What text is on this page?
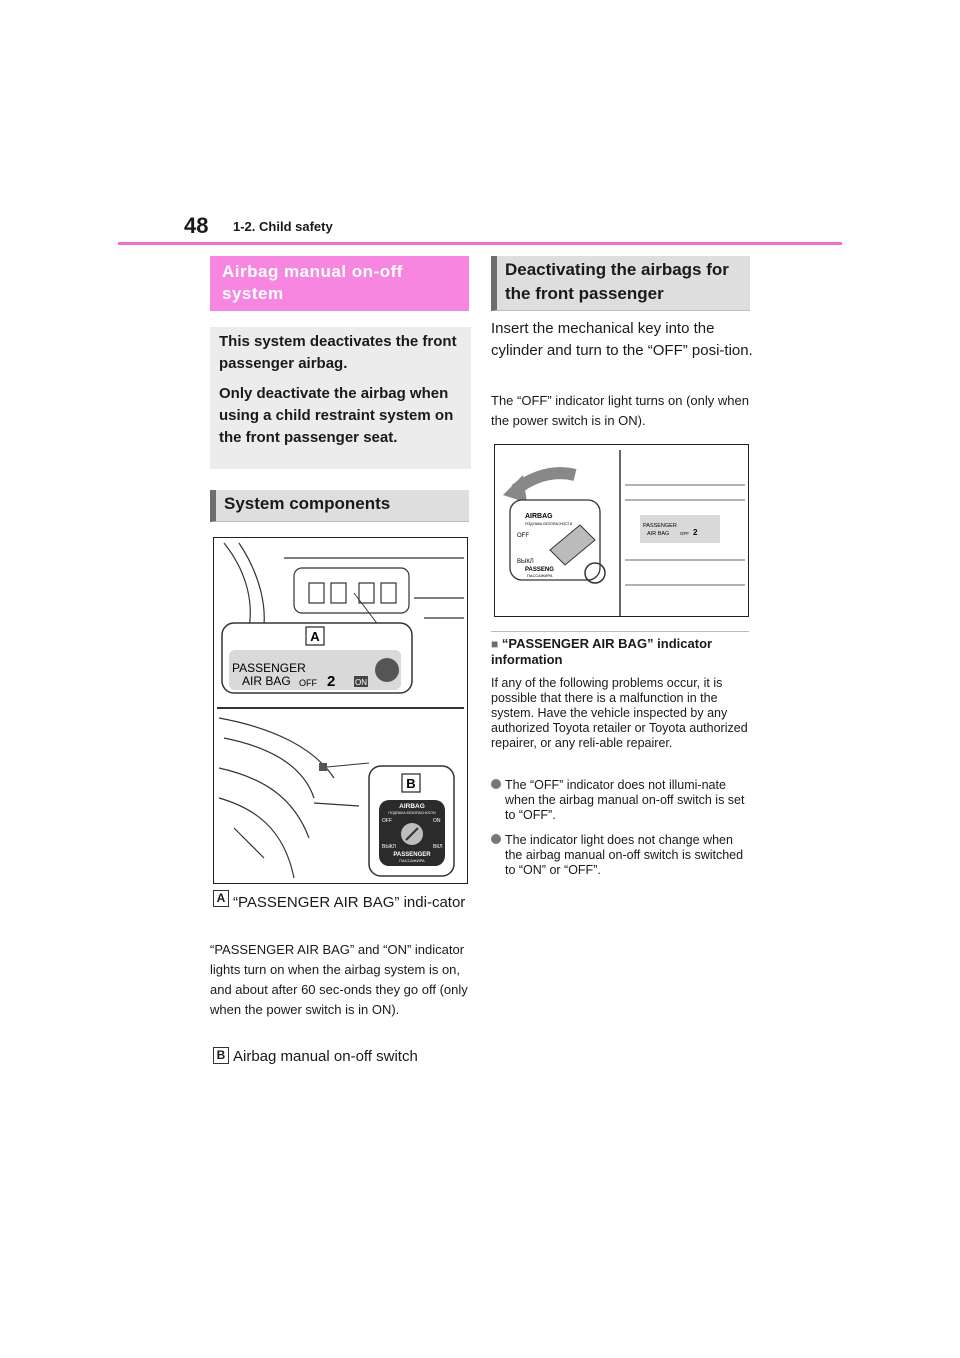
48 1-2. Child safety
Airbag manual on-off system

This system deactivates the front passenger airbag.

Only deactivate the airbag when using a child restraint system on the front passenger seat.

System components
A
PASSENGER
AIR BAG OFF 2 ON
B
AIRBAG
ПОДУШКА БЕЗОПАСНОСТИ
OFF	ON
ВЫКЛ	ВКЛ
PASSENGER
ПАССАЖИРА
A “PASSENGER AIR BAG” indi-cator
“PASSENGER AIR BAG” and “ON” indicator lights turn on when the airbag system is on, and about after 60 sec-onds they go off (only when the power switch is in ON).
B Airbag manual on-off switch
Deactivating the airbags for the front passenger
Insert the mechanical key into the cylinder and turn to the “OFF” posi-tion.
The “OFF” indicator light turns on (only when the power switch is in ON).
AIRBAG
ПОДУШКА БЕЗОПАСНОСТИ
OFF
ВЫКЛ
PASSENG
ПАССАЖИРА
PASSENGER
AIR BAG OFF 2
■ “PASSENGER AIR BAG” indicator information
If any of the following problems occur, it is possible that there is a malfunction in the system. Have the vehicle inspected by any authorized Toyota retailer or Toyota authorized repairer, or any reli-able repairer.
The “OFF” indicator does not illumi-nate when the airbag manual on-off switch is set to “OFF”.
The indicator light does not change when the airbag manual on-off switch is switched to “ON” or “OFF”.
